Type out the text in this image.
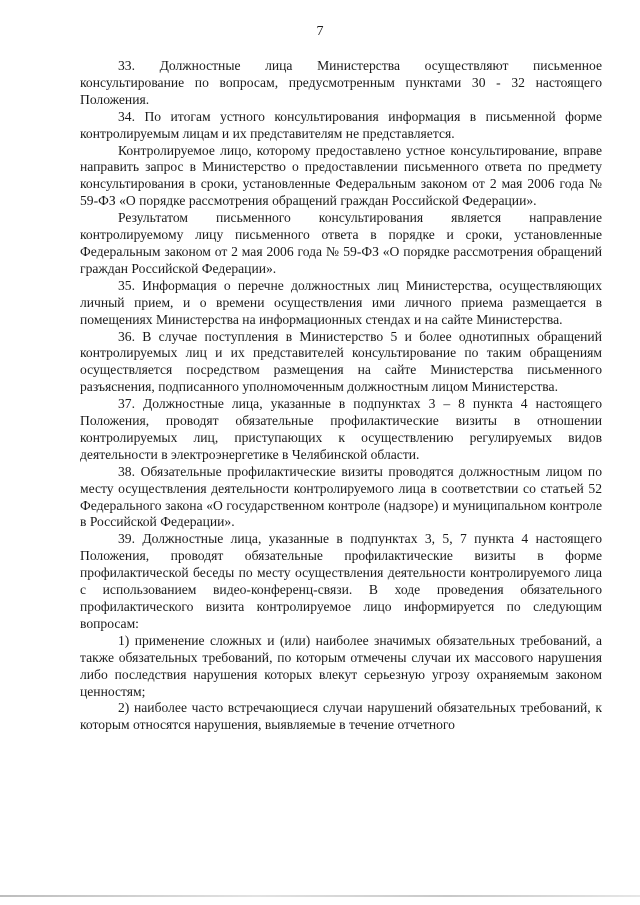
7

33. Должностные лица Министерства осуществляют письменное консультирование по вопросам, предусмотренным пунктами 30 - 32 настоящего Положения.

34. По итогам устного консультирования информация в письменной форме контролируемым лицам и их представителям не представляется.

Контролируемое лицо, которому предоставлено устное консультирование, вправе направить запрос в Министерство о предоставлении письменного ответа по предмету консультирования в сроки, установленные Федеральным законом от 2 мая 2006 года № 59-ФЗ «О порядке рассмотрения обращений граждан Российской Федерации».

Результатом письменного консультирования является направление контролируемому лицу письменного ответа в порядке и сроки, установленные Федеральным законом от 2 мая 2006 года № 59-ФЗ «О порядке рассмотрения обращений граждан Российской Федерации».

35. Информация о перечне должностных лиц Министерства, осуществляющих личный прием, и о времени осуществления ими личного приема размещается в помещениях Министерства на информационных стендах и на сайте Министерства.

36. В случае поступления в Министерство 5 и более однотипных обращений контролируемых лиц и их представителей консультирование по таким обращениям осуществляется посредством размещения на сайте Министерства письменного разъяснения, подписанного уполномоченным должностным лицом Министерства.

37. Должностные лица, указанные в подпунктах 3 – 8 пункта 4 настоящего Положения, проводят обязательные профилактические визиты в отношении контролируемых лиц, приступающих к осуществлению регулируемых видов деятельности в электроэнергетике в Челябинской области.

38. Обязательные профилактические визиты проводятся должностным лицом по месту осуществления деятельности контролируемого лица в соответствии со статьей 52 Федерального закона «О государственном контроле (надзоре) и муниципальном контроле в Российской Федерации».

39. Должностные лица, указанные в подпунктах 3, 5, 7 пункта 4 настоящего Положения, проводят обязательные профилактические визиты в форме профилактической беседы по месту осуществления деятельности контролируемого лица с использованием видео-конференц-связи. В ходе проведения обязательного профилактического визита контролируемое лицо информируется по следующим вопросам:

1) применение сложных и (или) наиболее значимых обязательных требований, а также обязательных требований, по которым отмечены случаи их массового нарушения либо последствия нарушения которых влекут серьезную угрозу охраняемым законом ценностям;

2) наиболее часто встречающиеся случаи нарушений обязательных требований, к которым относятся нарушения, выявляемые в течение отчетного
